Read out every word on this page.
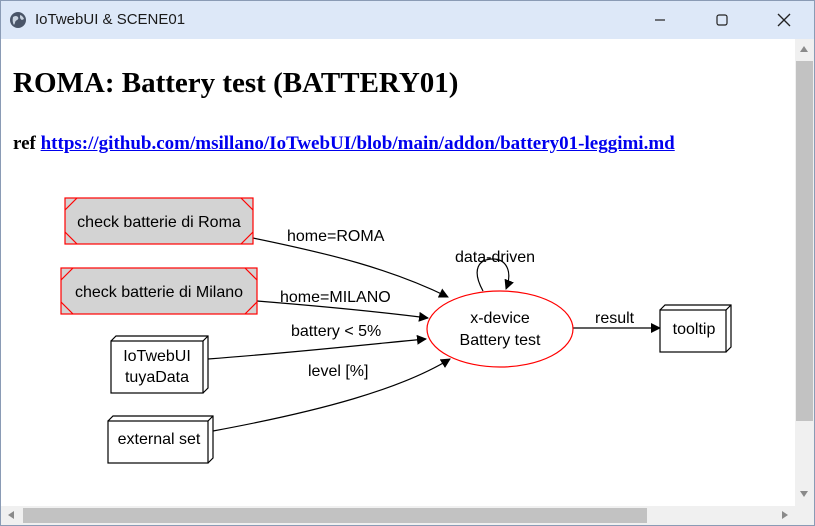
IoTwebUI & SCENE01
ROMA: Battery test (BATTERY01)
ref https://github.com/msillano/IoTwebUI/blob/main/addon/battery01-leggimi.md
home=ROMA
home=MILANO
battery < 5%
level [%]
data-driven
result
check batterie di Roma
check batterie di Milano
IoTwebUI
tuyaData
external set
x-device
Battery test
tooltip
